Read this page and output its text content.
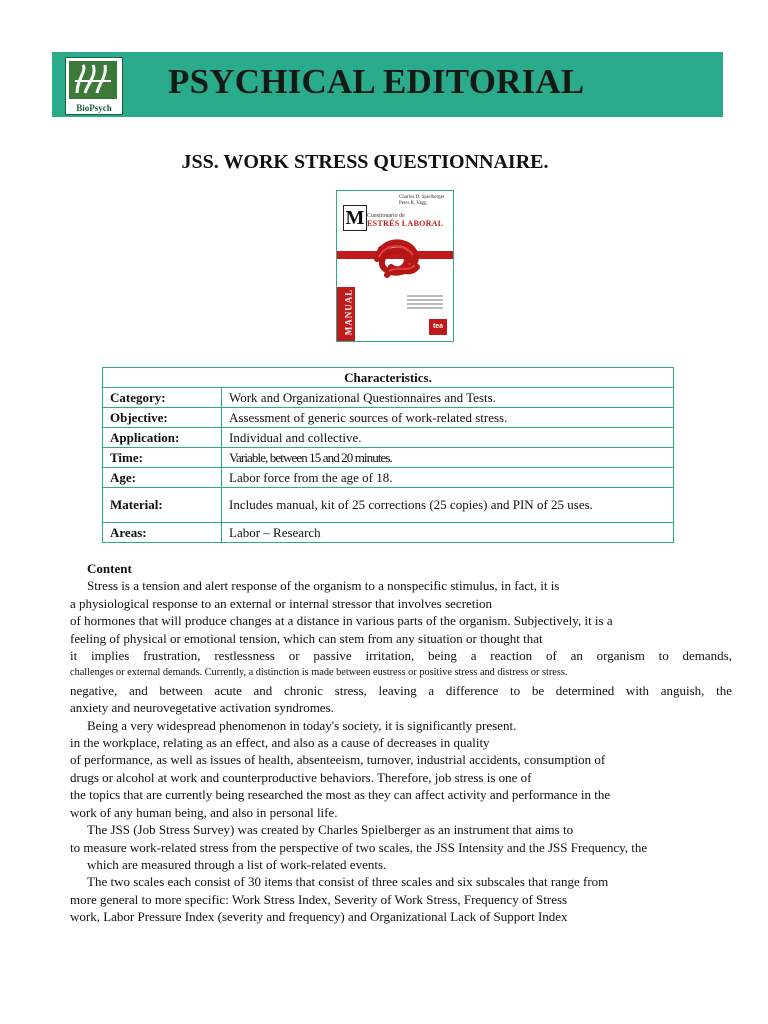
BioPsych
PSYCHICAL EDITORIAL
JSS. WORK STRESS QUESTIONNAIRE.
Charles D. Spielberger
Peter R. Vagg
M Cuestionario de
ESTRÉS LABORAL
MANUAL	tea
Characteristics.	
Category:	Work and Organizational Questionnaires and Tests.
Objective:	Assessment of generic sources of work-related stress.
Application:	Individual and collective.
Time:	Variable, between 15 and 20 minutes.
Age:	Labor force from the age of 18.
Material:	Includes manual, kit of 25 corrections (25 copies) and PIN of 25 uses.
Areas:	Labor – Research

Content

Stress is a tension and alert response of the organism to a nonspecific stimulus, in fact, it is

a physiological response to an external or internal stressor that involves secretion

of hormones that will produce changes at a distance in various parts of the organism. Subjectively, it is a

feeling of physical or emotional tension, which can stem from any situation or thought that

it implies frustration, restlessness or passive irritation, being a reaction of an organism to demands,

challenges or external demands. Currently, a distinction is made between eustress or positive stress and distress or stress.

negative, and between acute and chronic stress, leaving a difference to be determined with anguish, the

anxiety and neurovegetative activation syndromes.

Being a very widespread phenomenon in today's society, it is significantly present.

in the workplace, relating as an effect, and also as a cause of decreases in quality

of performance, as well as issues of health, absenteeism, turnover, industrial accidents, consumption of

drugs or alcohol at work and counterproductive behaviors. Therefore, job stress is one of

the topics that are currently being researched the most as they can affect activity and performance in the

work of any human being, and also in personal life.

The JSS (Job Stress Survey) was created by Charles Spielberger as an instrument that aims to

to measure work-related stress from the perspective of two scales, the JSS Intensity and the JSS Frequency, the

which are measured through a list of work-related events.

The two scales each consist of 30 items that consist of three scales and six subscales that range from

more general to more specific: Work Stress Index, Severity of Work Stress, Frequency of Stress

work, Labor Pressure Index (severity and frequency) and Organizational Lack of Support Index
